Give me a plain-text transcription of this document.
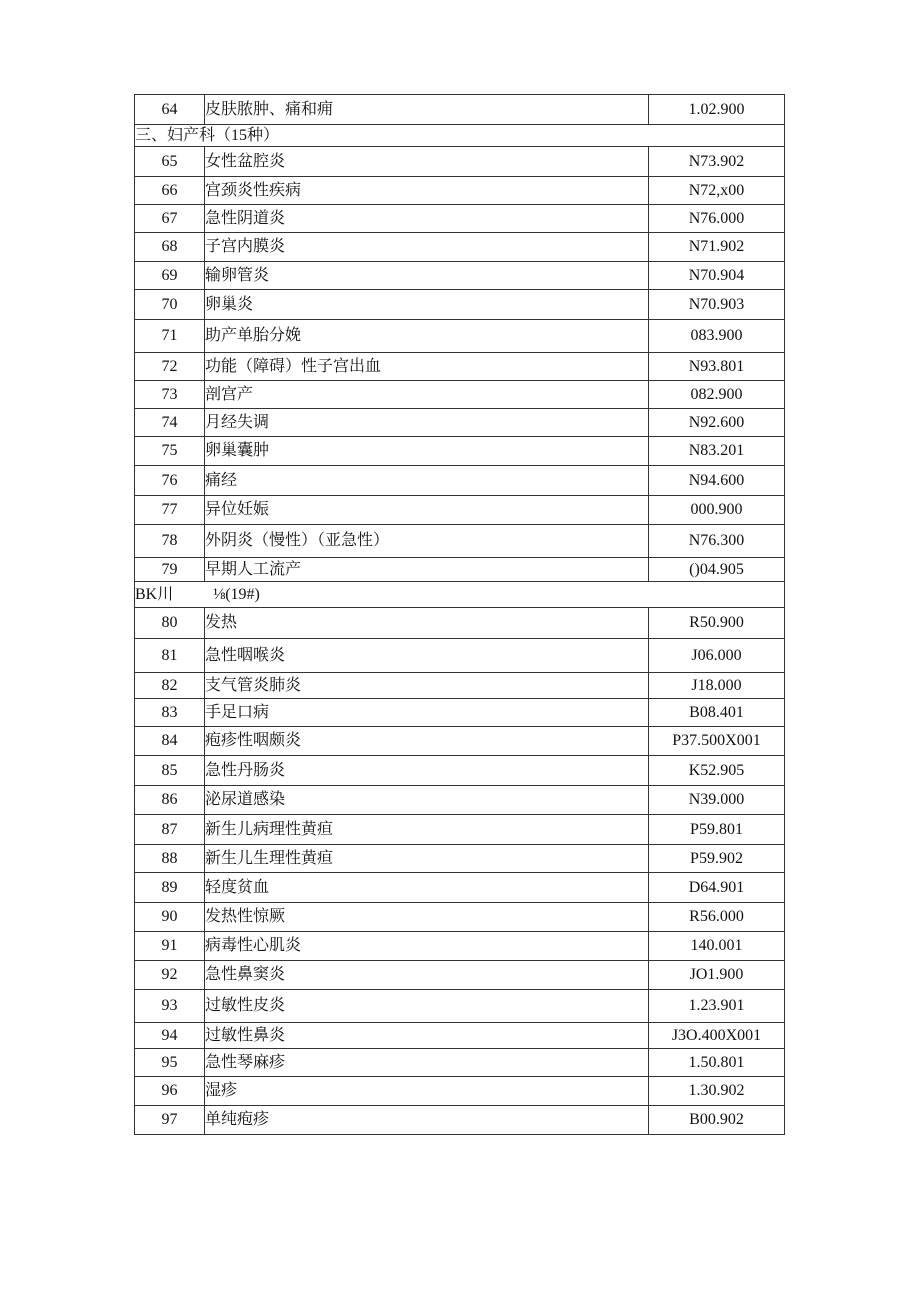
64	皮肤脓肿、痛和痈	1.02.900
三、妇产科（15种）		
65	女性盆腔炎	N73.902
66	宫颈炎性疾病	N72,x00
67	急性阴道炎	N76.000
68	子宫内膜炎	N71.902
69	输卵管炎	N70.904
70	卵巢炎	N70.903
71	助产单胎分娩	083.900
72	功能（障碍）性子宫出血	N93.801
73	剖宫产	082.900
74	月经失调	N92.600
75	卵巢囊肿	N83.201
76	痛经	N94.600
77	异位妊娠	000.900
78	外阴炎（慢性）（亚急性）	N76.300
79	早期人工流产	()04.905
BK川          ⅛(19#)		
80	发热	R50.900
81	急性咽喉炎	J06.000
82	支气管炎肺炎	J18.000
83	手足口病	B08.401
84	疱疹性咽颇炎	P37.500X001
85	急性丹肠炎	K52.905
86	泌尿道感染	N39.000
87	新生儿病理性黄疸	P59.801
88	新生儿生理性黄疸	P59.902
89	轻度贫血	D64.901
90	发热性惊厥	R56.000
91	病毒性心肌炎	140.001
92	急性鼻窦炎	JO1.900
93	过敏性皮炎	1.23.901
94	过敏性鼻炎	J3O.400X001
95	急性琴麻疹	1.50.801
96	湿疹	1.30.902
97	单纯疱疹	B00.902
